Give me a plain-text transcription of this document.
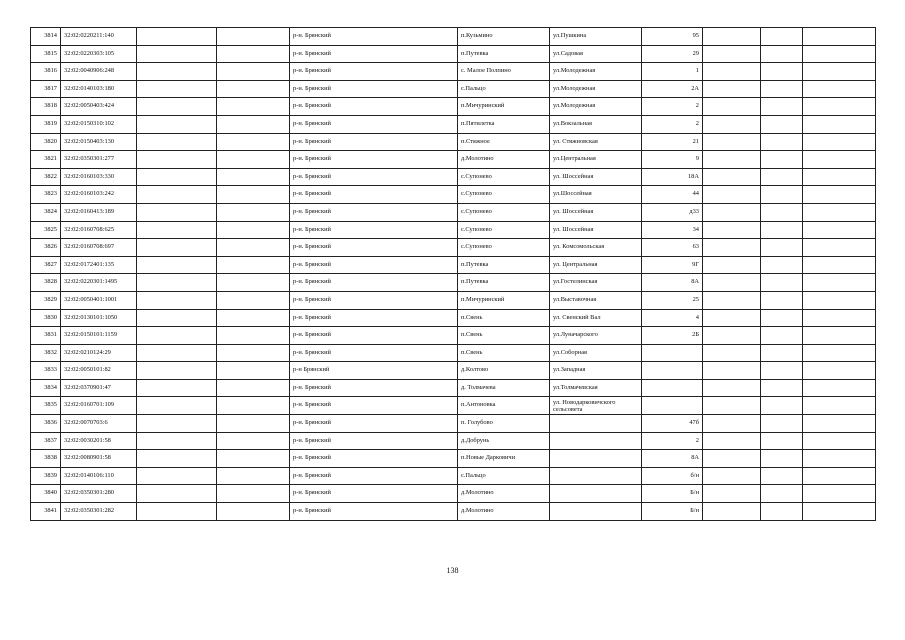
3814	32:02:0220211:140			р-н. Брянский	п.Кузьмино	ул.Пушкина	95			
3815	32:02:0220303:105			р-н. Брянский	п.Путевка	ул.Садовая	29			
3816	32:02:0040906:248			р-н. Брянский	с. Малое Полпино	ул.Молодежная	1			
3817	32:02:0140103:180			р-н. Брянский	с.Пальцо	ул.Молодежная	2А			
3818	32:02:0050403:424			р-н. Брянский	п.Мичуринский	ул.Молодежная	2			
3819	32:02:0150310:102			р-н. Брянский	п.Пятилетка	ул.Вокзальная	2			
3820	32:02:0150403:130			р-н. Брянский	п.Стяжное	ул. Стяжновская	21			
3821	32:02:0350301:277			р-н. Брянский	д.Молотино	ул.Центральная	9			
3822	32:02:0160103:330			р-н. Брянский	с.Супонево	ул. Шоссейная	18А			
3823	32:02:0160103:242			р-н. Брянский	с.Супонево	ул.Шоссейная	44			
3824	32:02:0160413:189			р-н. Брянский	с.Супонево	ул. Шоссейная	д33			
3825	32:02:0160708:625			р-н. Брянский	с.Супонево	ул. Шоссейная	34			
3826	32:02:0160708:697			р-н. Брянский	с.Супонево	ул. Комсомольская	63			
3827	32:02:0172401:135			р-н. Брянский	п.Путевка	ул. Центральная	9Г			
3828	32:02:0220301:1495			р-н. Брянский	п.Путевка	ул.Гостелинская	8А			
3829	32:02:0050401:1001			р-н. Брянский	п.Мичуринский	ул.Выставочная	25			
3830	32:02:0130101:1050			р-н. Брянский	п.Свень	ул. Свенский Вал	4			
3831	32:02:0150101:1159			р-н. Брянский	п.Свень	ул.Луначарского	2Б			
3832	32:02:0210124:29			р-н. Брянский	п.Свень	ул.Соборная				
3833	32:02:0050101:82			р-н Брянский	д.Колтово	ул.Западная				
3834	32:02:0370901:47			р-н. Брянский	д. Толмачева	ул.Толмачевская				
3835	32:02:0160701:109			р-н. Брянский	п.Антоновка	ул. Новодарковичского сельсовета				
3836	32:02:0070703:6			р-н. Брянский	п. Голубово		47б			
3837	32:02:0030201:58			р-н. Брянский	д.Добрунь		2			
3838	32:02:0080901:58			р-н. Брянский	п.Новые Дарковичи		8А			
3839	32:02:0140106:110			р-н. Брянский	с.Пальцо		б/н			
3840	32:02:0350301:280			р-н. Брянский	д.Молотино		Б/н			
3841	32:02:0350301:282			р-н. Брянский	д.Молотино		Б/н			
138
